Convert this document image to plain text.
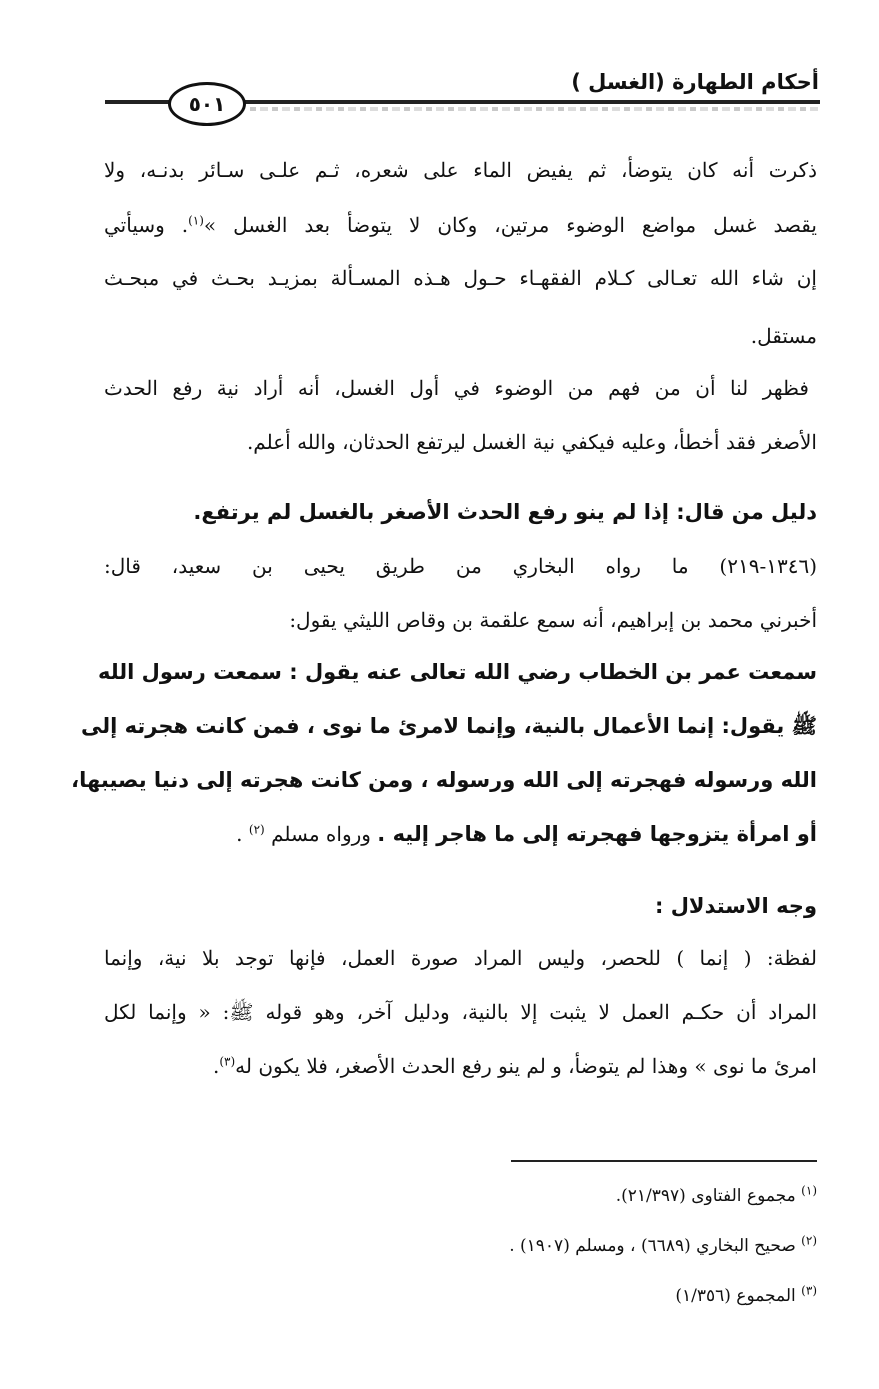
أحكام الطهارة (الغسل )
٥٠١
ذكرت أنه كان يتوضأ، ثم يفيض الماء على شعره، ثـم علـى سـائر بدنـه، ولا
يقصد غسل مواضع الوضوء مرتين، وكان لا يتوضأ بعد الغسل »$^{(١)}$. وسيأتي
إن شاء الله تعـالى كـلام الفقهـاء حـول هـذه المسـألة بمزيـد بحـث في مبحـث
مستقل.
فظهر لنا أن من فهم من الوضوء في أول الغسل، أنه أراد نية رفع الحدث
الأصغر فقد أخطأ، وعليه فيكفي نية الغسل ليرتفع الحدثان، والله أعلم.
دليل من قال: إذا لم ينو رفع الحدث الأصغر بالغسل لم يرتفع.
(١٣٤٦-٢١٩) ما رواه البخاري من طريق يحيى بن سعيد، قال:
أخبرني محمد بن إبراهيم، أنه سمع علقمة بن وقاص الليثي يقول:
سمعت عمر بن الخطاب رضي الله تعالى عنه يقول : سمعت رسول الله
ﷺ يقول: إنما الأعمال بالنية، وإنما لامرئ ما نوى ، فمن كانت هجرته إلى
الله ورسوله فهجرته إلى الله ورسوله ، ومن كانت هجرته إلى دنيا يصيبها،
أو امرأة يتزوجها فهجرته إلى ما هاجر إليه . ورواه مسلم $^{(٢)}$ .
وجه الاستدلال :
لفظة: ( إنما ) للحصر، وليس المراد صورة العمل، فإنها توجد بلا نية، وإنما
المراد أن حكـم العمل لا يثبت إلا بالنية، ودليل آخر، وهو قوله ﷺ: « وإنما لكل
امرئ ما نوى » وهذا لم يتوضأ، و لم ينو رفع الحدث الأصغر، فلا يكون له$^{(٣)}$.
$^{(١)}$ مجموع الفتاوى (٢١/٣٩٧).
$^{(٢)}$ صحيح البخاري (٦٦٨٩) ، ومسلم (١٩٠٧) .
$^{(٣)}$ المجموع (١/٣٥٦)
